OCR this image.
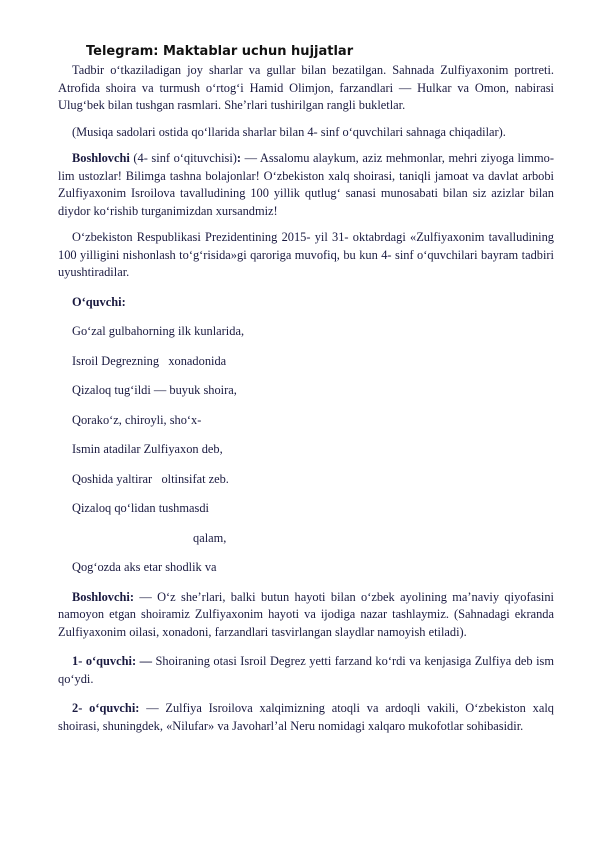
Telegram: Maktablar uchun hujjatlar

Tadbir o‘tkaziladigan joy sharlar va gullar bilan bezatilgan. Sahnada Zulfiyaxonim portreti. Atrofida shoira va turmush o‘rtog‘i Hamid Olimjon, farzandlari — Hulkar va Omon, nabirasi Ulug‘bek bilan tushgan rasmlari. She’rlari tushirilgan rangli bukletlar.

(Musiqa sadolari ostida qo‘llarida sharlar bilan 4- sinf o‘quvchilari sahnaga chiqadilar).

Boshlovchi (4- sinf o‘qituvchisi): — Assalomu alaykum, aziz mehmonlar, mehri ziyoga limmo-lim ustozlar! Bilimga tashna bolajonlar! O‘zbekiston xalq shoirasi, taniqli jamoat va davlat arbobi Zulfiyaxonim Isroilova tavalludining 100 yillik qutlug‘ sanasi munosabati bilan siz azizlar bilan diydor ko‘rishib turganimizdan xursandmiz!

O‘zbekiston Respublikasi Prezidentining 2015- yil 31- oktabrdagi «Zulfiyaxonim tavalludining 100 yilligini nishonlash to‘g‘risida»gi qaroriga muvofiq, bu kun 4- sinf o‘quvchilari bayram tadbiri uyushtiradilar.

O‘quvchi:

Go‘zal gulbahorning ilk kunlarida,
Isroil Degrezning   xonadonida
Qizaloq tug‘ildi — buyuk shoira,
Qorako‘z, chiroyli, sho‘x-
Ismin atadilar Zulfiyaxon deb,
Qoshida yaltirar   oltinsifat zeb.
Qizaloq qo‘lidan tushmasdi
qalam,
Qog‘ozda aks etar shodlik va

Boshlovchi: — O‘z she’rlari, balki butun hayoti bilan o‘zbek ayolining ma’naviy qiyofasini namoyon etgan shoiramiz Zulfiyaxonim hayoti va ijodiga nazar tashlaymiz. (Sahnadagi ekranda Zulfiyaxonim oilasi, xonadoni, farzandlari tasvirlangan slaydlar namoyish etiladi).

1- o‘quvchi: — Shoiraning otasi Isroil Degrez yetti farzand ko‘rdi va kenjasiga Zulfiya deb ism qo‘ydi.

2- o‘quvchi: — Zulfiya Isroilova xalqimizning atoqli va ardoqli vakili, O‘zbekiston xalq shoirasi, shuningdek, «Nilufar» va Javoharl’al Neru nomidagi xalqaro mukofotlar sohibasidir.
